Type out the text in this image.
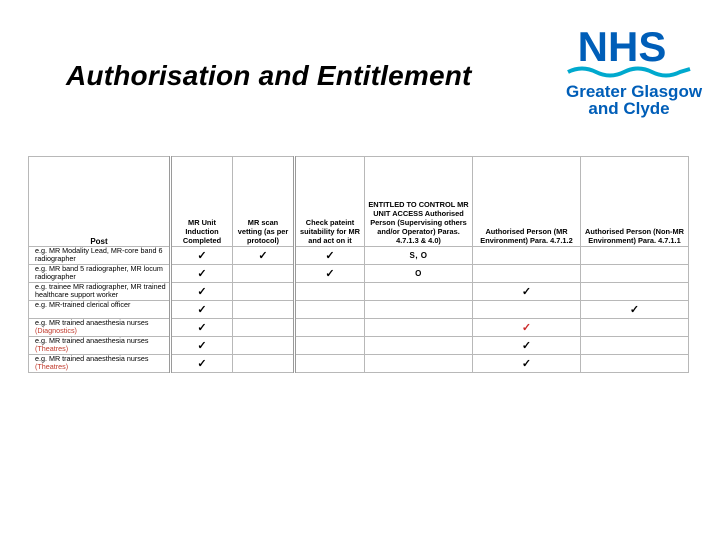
Authorisation and Entitlement
NHS
Greater Glasgow
and Clyde
Post	MR Unit Induction Completed	MR scan vetting (as per protocol)	Check pateint suitability for MR and act on it	ENTITLED TO CONTROL MR UNIT ACCESS Authorised Person (Supervising others and/or Operator) Paras. 4.7.1.3 & 4.0)	Authorised Person (MR Environment) Para. 4.7.1.2	Authorised Person (Non-MR Environment) Para. 4.7.1.1
e.g. MR Modality Lead, MR-core band 6 radiographer	✓	✓	✓	S, O		
e.g. MR band 5 radiographer, MR locum radiographer	✓		✓	O		
e.g. trainee MR radiographer, MR trained healthcare support worker	✓				✓	
e.g. MR-trained clerical officer	✓					✓
e.g. MR trained anaesthesia nurses
(Diagnostics)	✓				✓	
e.g. MR trained anaesthesia nurses
(Theatres)	✓				✓	
e.g. MR trained anaesthesia nurses
(Theatres)	✓				✓	
